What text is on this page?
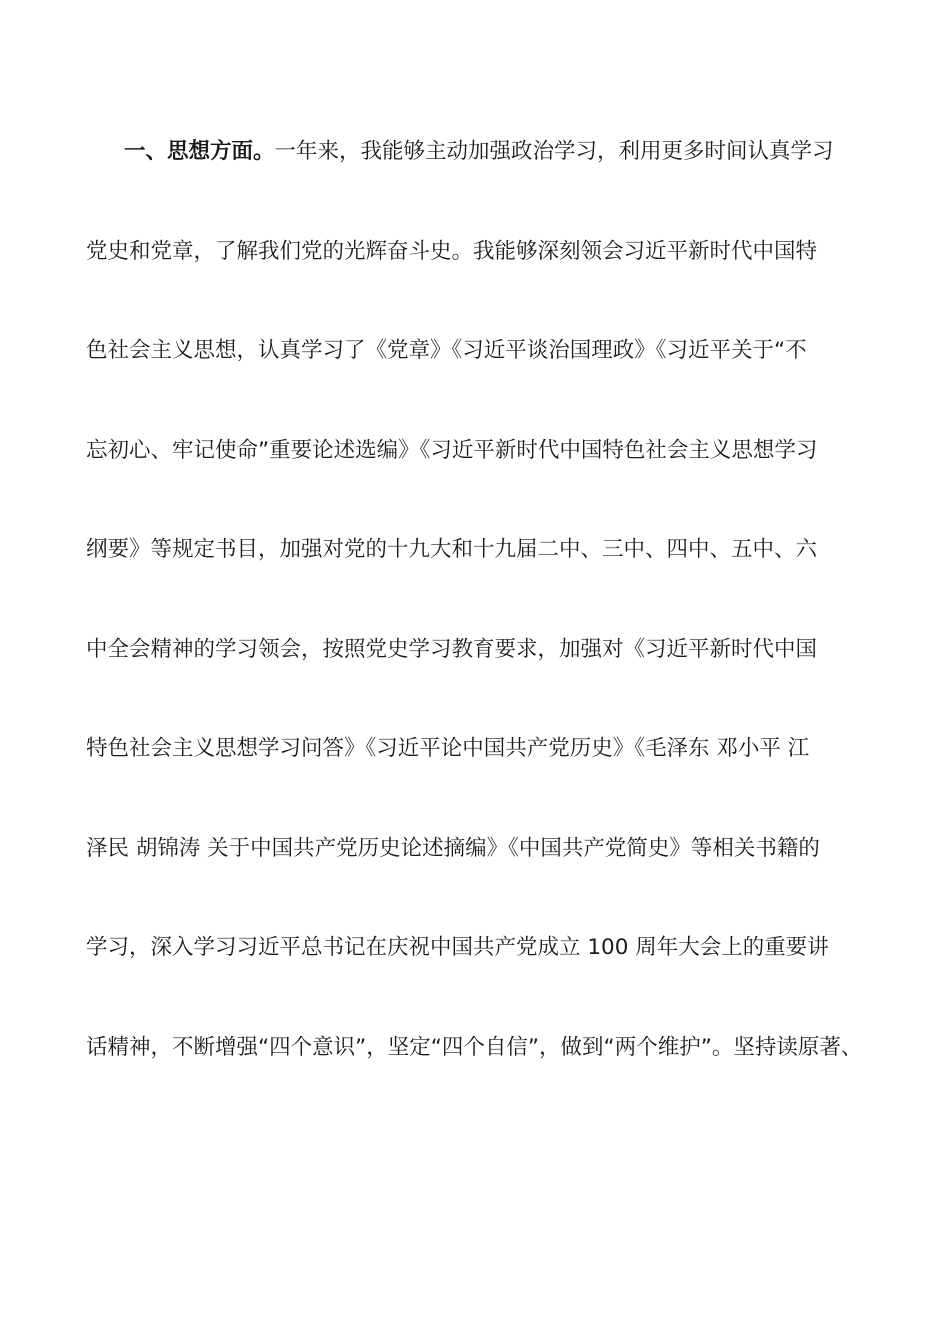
一、思想方面。一年来，我能够主动加强政治学习，利用更多时间认真学习
党史和党章，了解我们党的光辉奋斗史。我能够深刻领会习近平新时代中国特
色社会主义思想，认真学习了《党章》《习近平谈治国理政》《习近平关于“不
忘初心、牢记使命”重要论述选编》《习近平新时代中国特色社会主义思想学习
纲要》等规定书目，加强对党的十九大和十九届二中、三中、四中、五中、六
中全会精神的学习领会，按照党史学习教育要求，加强对《习近平新时代中国
特色社会主义思想学习问答》《习近平论中国共产党历史》《毛泽东 邓小平 江
泽民 胡锦涛 关于中国共产党历史论述摘编》《中国共产党简史》等相关书籍的
学习，深入学习习近平总书记在庆祝中国共产党成立 100 周年大会上的重要讲
话精神，不断增强“四个意识”，坚定“四个自信”，做到“两个维护”。坚持读原著、
